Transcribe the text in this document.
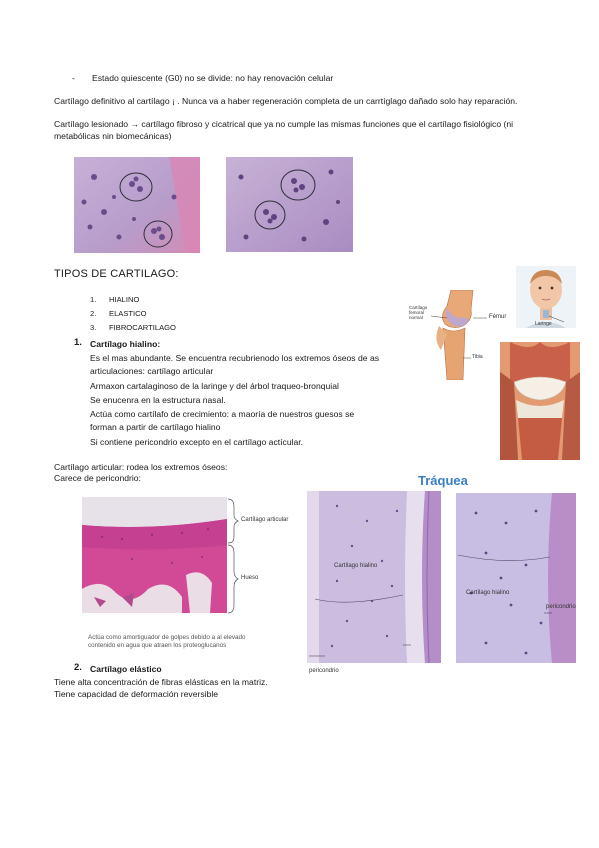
- Estado quiescente (G0) no se divide: no hay renovación celular
Cartílago definitivo al cartílago ¡ . Nunca va a haber regeneración completa de un carrtíglago dañado solo hay reparación.
Cartílago lesionado → cartílago fibroso y cicatrical que ya no cumple las mismas funciones que el cartílago fisiológico (ni
metabólicas nin biomecánicas)
TIPOS DE CARTILAGO:
1. HIALINO
2. ELASTICO
3. FIBROCARTILAGO
1. Cartílago hialino:
Es el mas abundante. Se encuentra recubrienodo los extremos óseos de as
articulaciones: cartílago articular
Armaxon cartalaginoso de la laringe y del árbol traqueo-bronquial
Se enucenra en la estructura nasal.
Actúa como cartílafo de crecimiento: a maoría de nuestros guesos se
forman a partir de cartílago hialino
Si contiene pericondrio excepto en el cartílago actícular.
Cartílago femoral normal	Fémur
Tibia
Laringe
Cartílago articular: rodea los extremos óseos:
Carece de pericondrio:
Cartílago articular
Hueso
Actúa como amortiguador de golpes debido a al elevado
contenido en agua que atraen los proteoglucanos
Tráquea
Cartílago hialino
pericondrio
Cartílago hialino
pericondrio
2. Cartílago elástico
Tiene alta concentración de fibras elásticas en la matriz.
Tiene capacidad de deformación reversible
